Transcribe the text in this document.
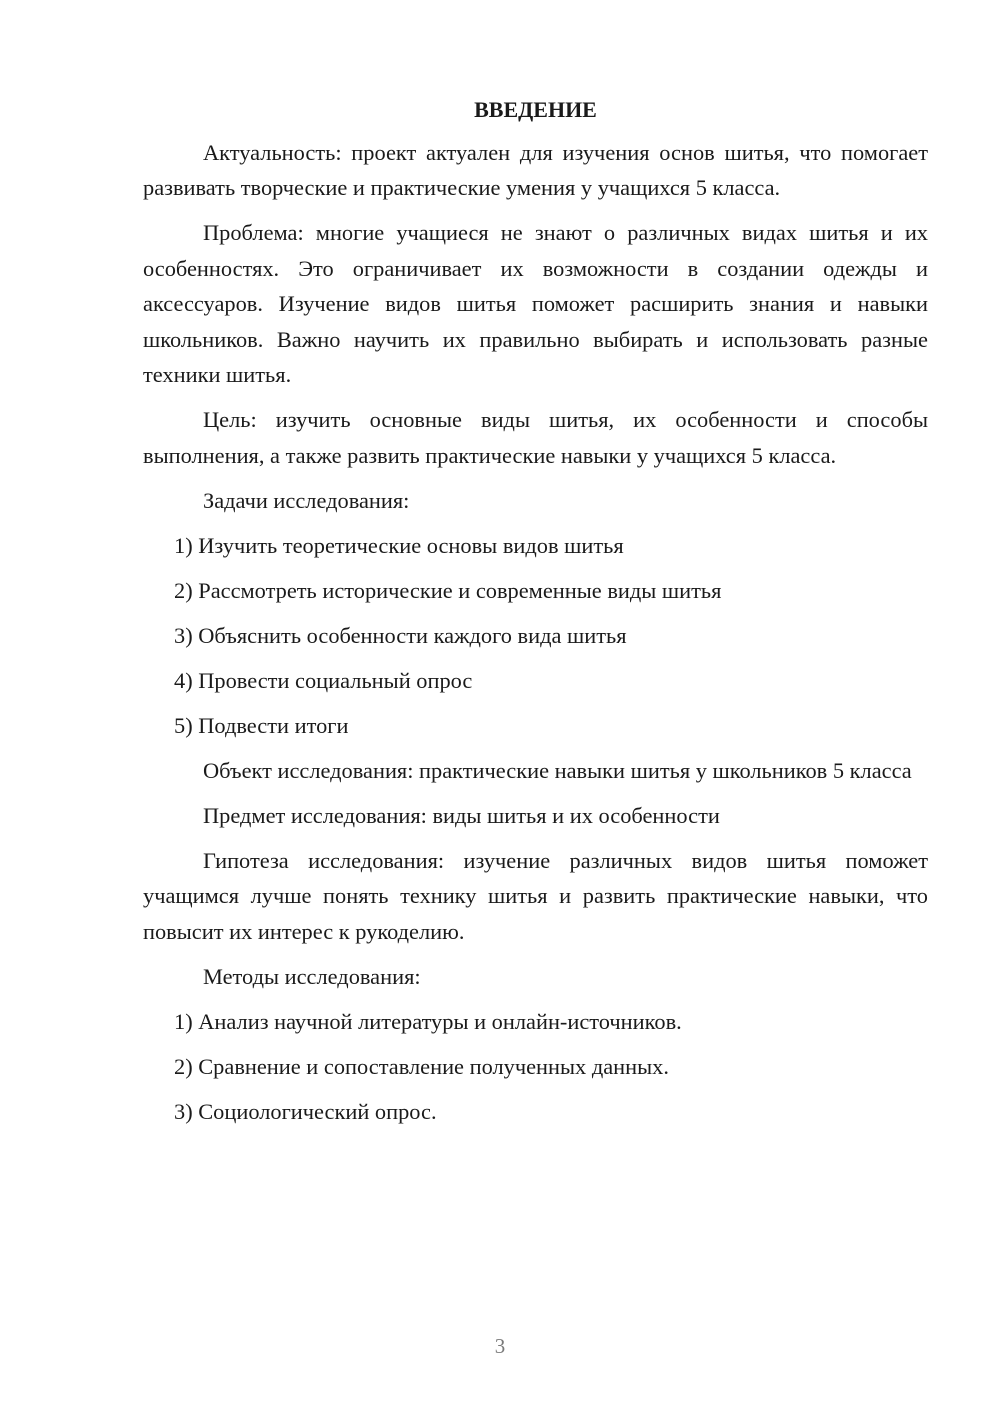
ВВЕДЕНИЕ

Актуальность: проект актуален для изучения основ шитья, что помогает развивать творческие и практические умения у учащихся 5 класса.

Проблема: многие учащиеся не знают о различных видах шитья и их особенностях. Это ограничивает их возможности в создании одежды и аксессуаров. Изучение видов шитья поможет расширить знания и навыки школьников. Важно научить их правильно выбирать и использовать разные техники шитья.

Цель: изучить основные виды шитья, их особенности и способы выполнения, а также развить практические навыки у учащихся 5 класса.

Задачи исследования:

1) Изучить теоретические основы видов шитья

2) Рассмотреть исторические и современные виды шитья

3) Объяснить особенности каждого вида шитья

4) Провести социальный опрос

5) Подвести итоги

Объект исследования: практические навыки шитья у школьников 5 класса

Предмет исследования: виды шитья и их особенности

Гипотеза исследования: изучение различных видов шитья поможет учащимся лучше понять технику шитья и развить практические навыки, что повысит их интерес к рукоделию.

Методы исследования:

1) Анализ научной литературы и онлайн-источников.

2) Сравнение и сопоставление полученных данных.

3) Социологический опрос.

3
